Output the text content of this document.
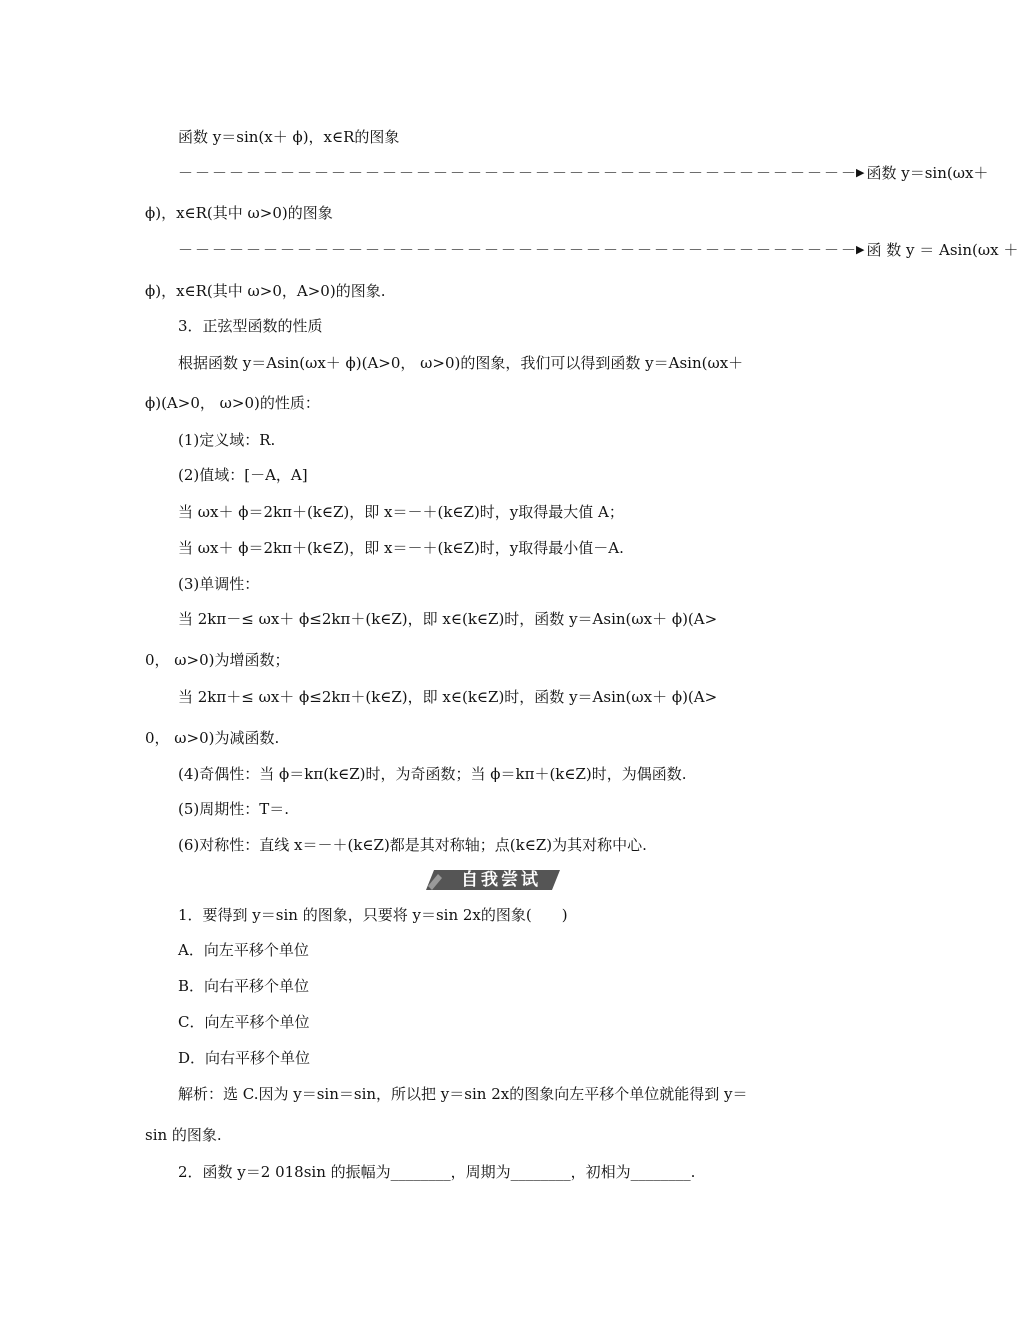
函数 y＝sin(x＋ ϕ)，x∈R的图象
－－－－－－－－－－－－－－－－－－－－－－－－－－－－－－－－－－－－－－－－
▶ 函数 y＝sin(ωx＋
ϕ)，x∈R(其中 ω>0)的图象
－－－－－－－－－－－－－－－－－－－－－－－－－－－－－－－－－－－－－－－－
▶ 函 数 y ＝ Asin(ωx ＋
ϕ)，x∈R(其中 ω>0，A>0)的图象.
3．正弦型函数的性质
根据函数 y＝Asin(ωx＋ ϕ)(A>0， ω>0)的图象，我们可以得到函数 y＝Asin(ωx＋
ϕ)(A>0， ω>0)的性质：
(1)定义域：R.
(2)值域：[－A，A]
当 ωx＋ ϕ＝2kπ＋(k∈Z)，即 x＝－＋(k∈Z)时，y取得最大值 A；
当 ωx＋ ϕ＝2kπ＋(k∈Z)，即 x＝－＋(k∈Z)时，y取得最小值－A.
(3)单调性：
当 2kπ－≤ ωx＋ ϕ≤2kπ＋(k∈Z)，即 x∈(k∈Z)时，函数 y＝Asin(ωx＋ ϕ)(A>
0， ω>0)为增函数；
当 2kπ＋≤ ωx＋ ϕ≤2kπ＋(k∈Z)，即 x∈(k∈Z)时，函数 y＝Asin(ωx＋ ϕ)(A>
0， ω>0)为减函数.
(4)奇偶性：当 ϕ＝kπ(k∈Z)时，为奇函数；当 ϕ＝kπ＋(k∈Z)时，为偶函数.
(5)周期性：T＝.
(6)对称性：直线 x＝－＋(k∈Z)都是其对称轴；点(k∈Z)为其对称中心.
自我尝试
1．要得到 y＝sin 的图象，只要将 y＝sin 2x的图象(　　)
A．向左平移个单位
B．向右平移个单位
C．向左平移个单位
D．向右平移个单位
解析：选 C.因为 y＝sin＝sin，所以把 y＝sin 2x的图象向左平移个单位就能得到 y＝
sin 的图象.
2．函数 y＝2 018sin 的振幅为________，周期为________，初相为________.
